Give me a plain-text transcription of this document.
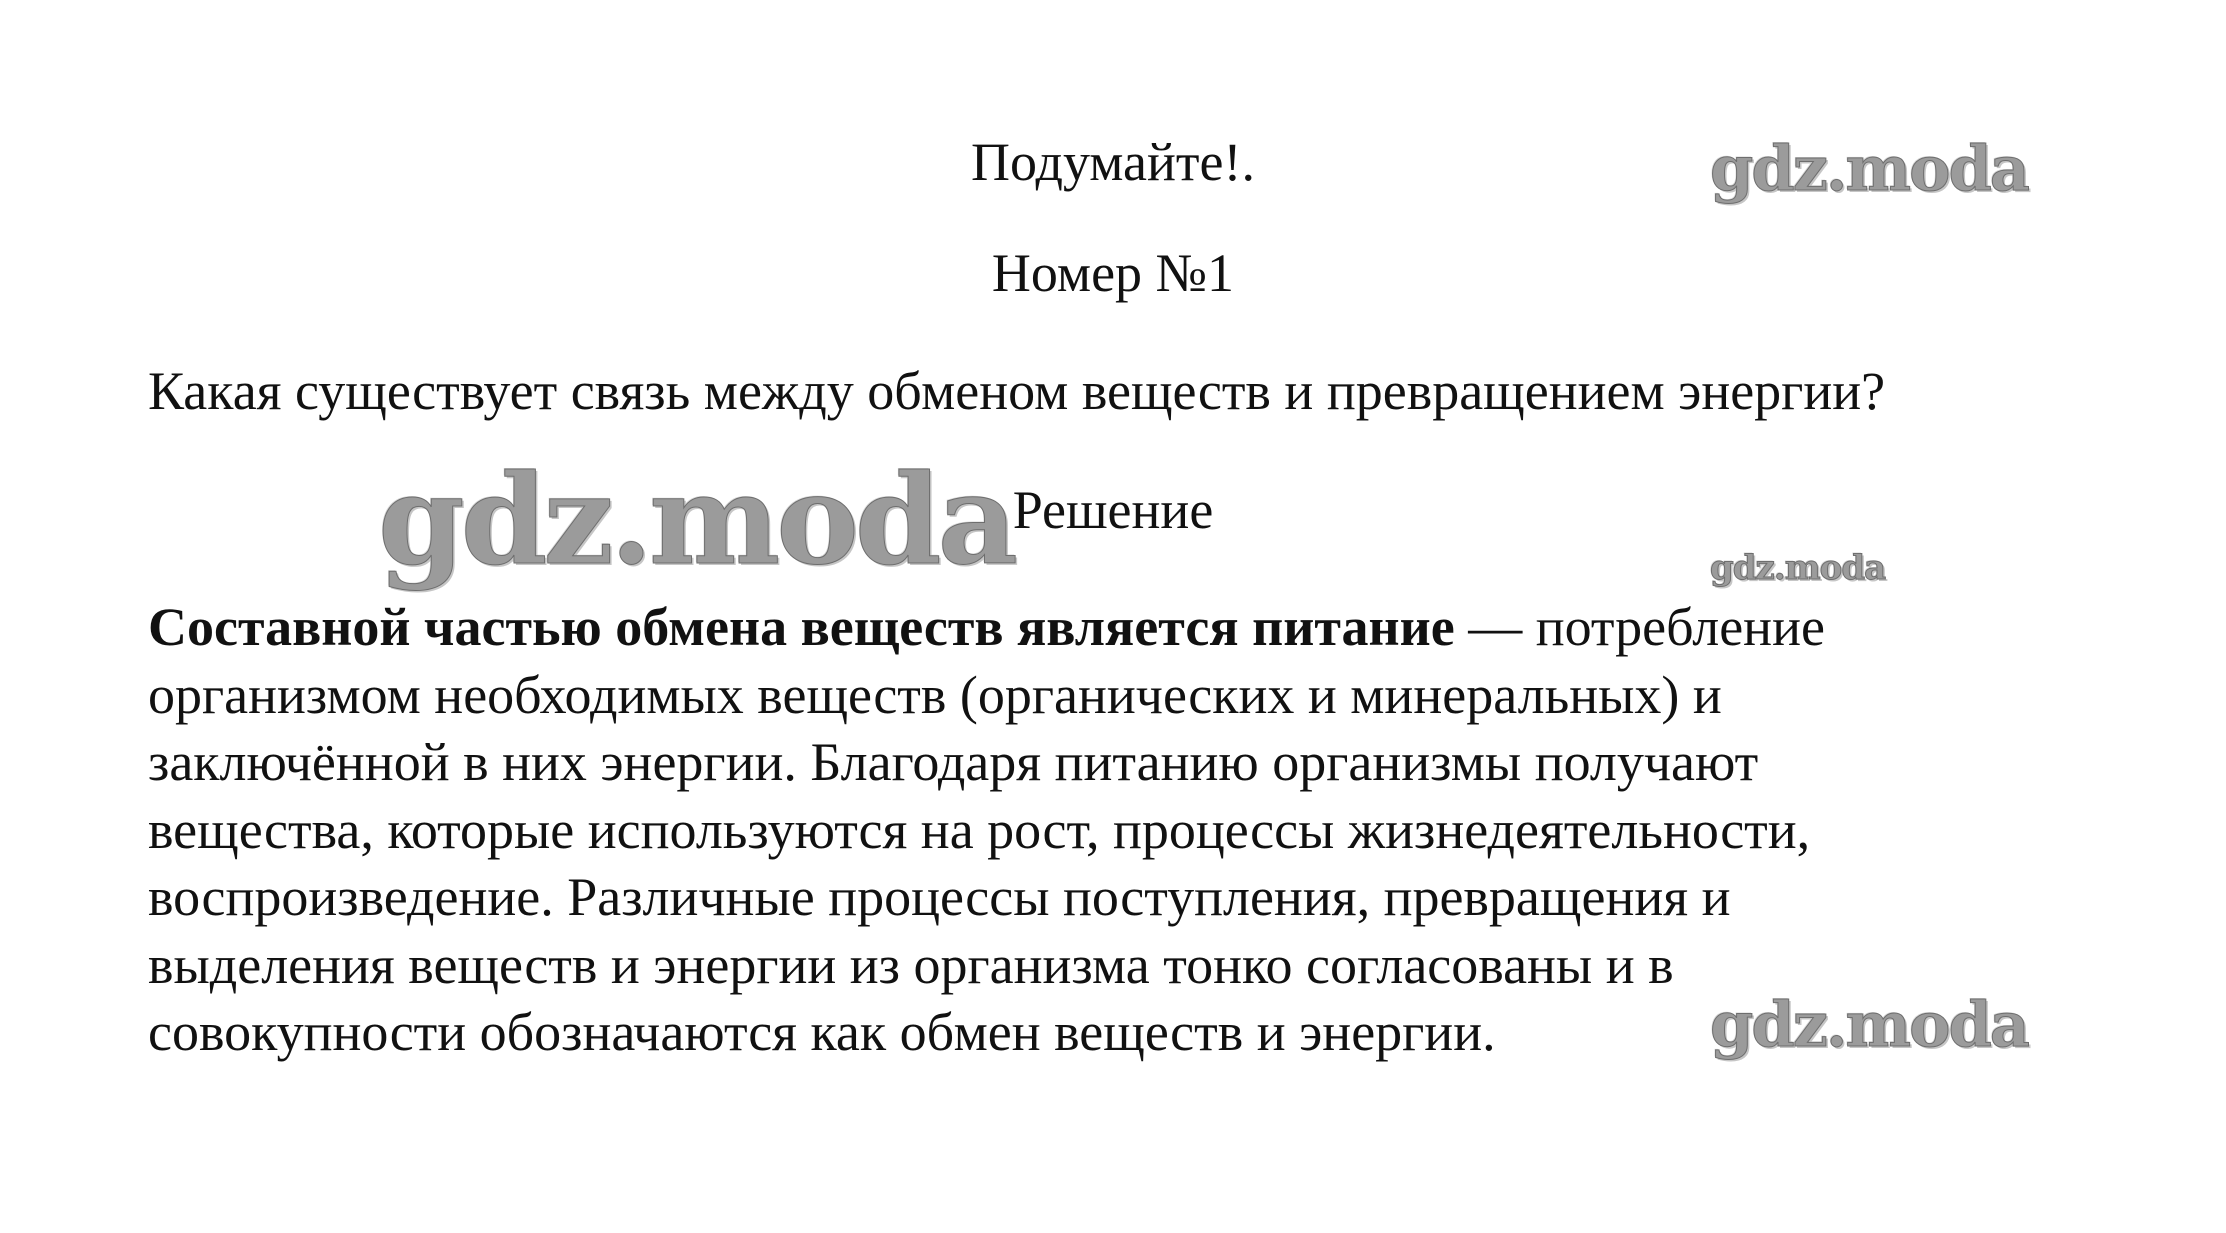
Подумайте!.	gdz.moda
Номер №1
Какая существует связь между обменом веществ и превращением энергии?
Решение
gdz.moda	gdz.moda
Составной частью обмена веществ является питание — потребление
организмом необходимых веществ (органических и минеральных) и
заключённой в них энергии. Благодаря питанию организмы получают
вещества, которые используются на рост, процессы жизнедеятельности,
воспроизведение. Различные процессы поступления, превращения и
выделения веществ и энергии из организма тонко согласованы и в
совокупности обозначаются как обмен веществ и энергии.	gdz.moda
